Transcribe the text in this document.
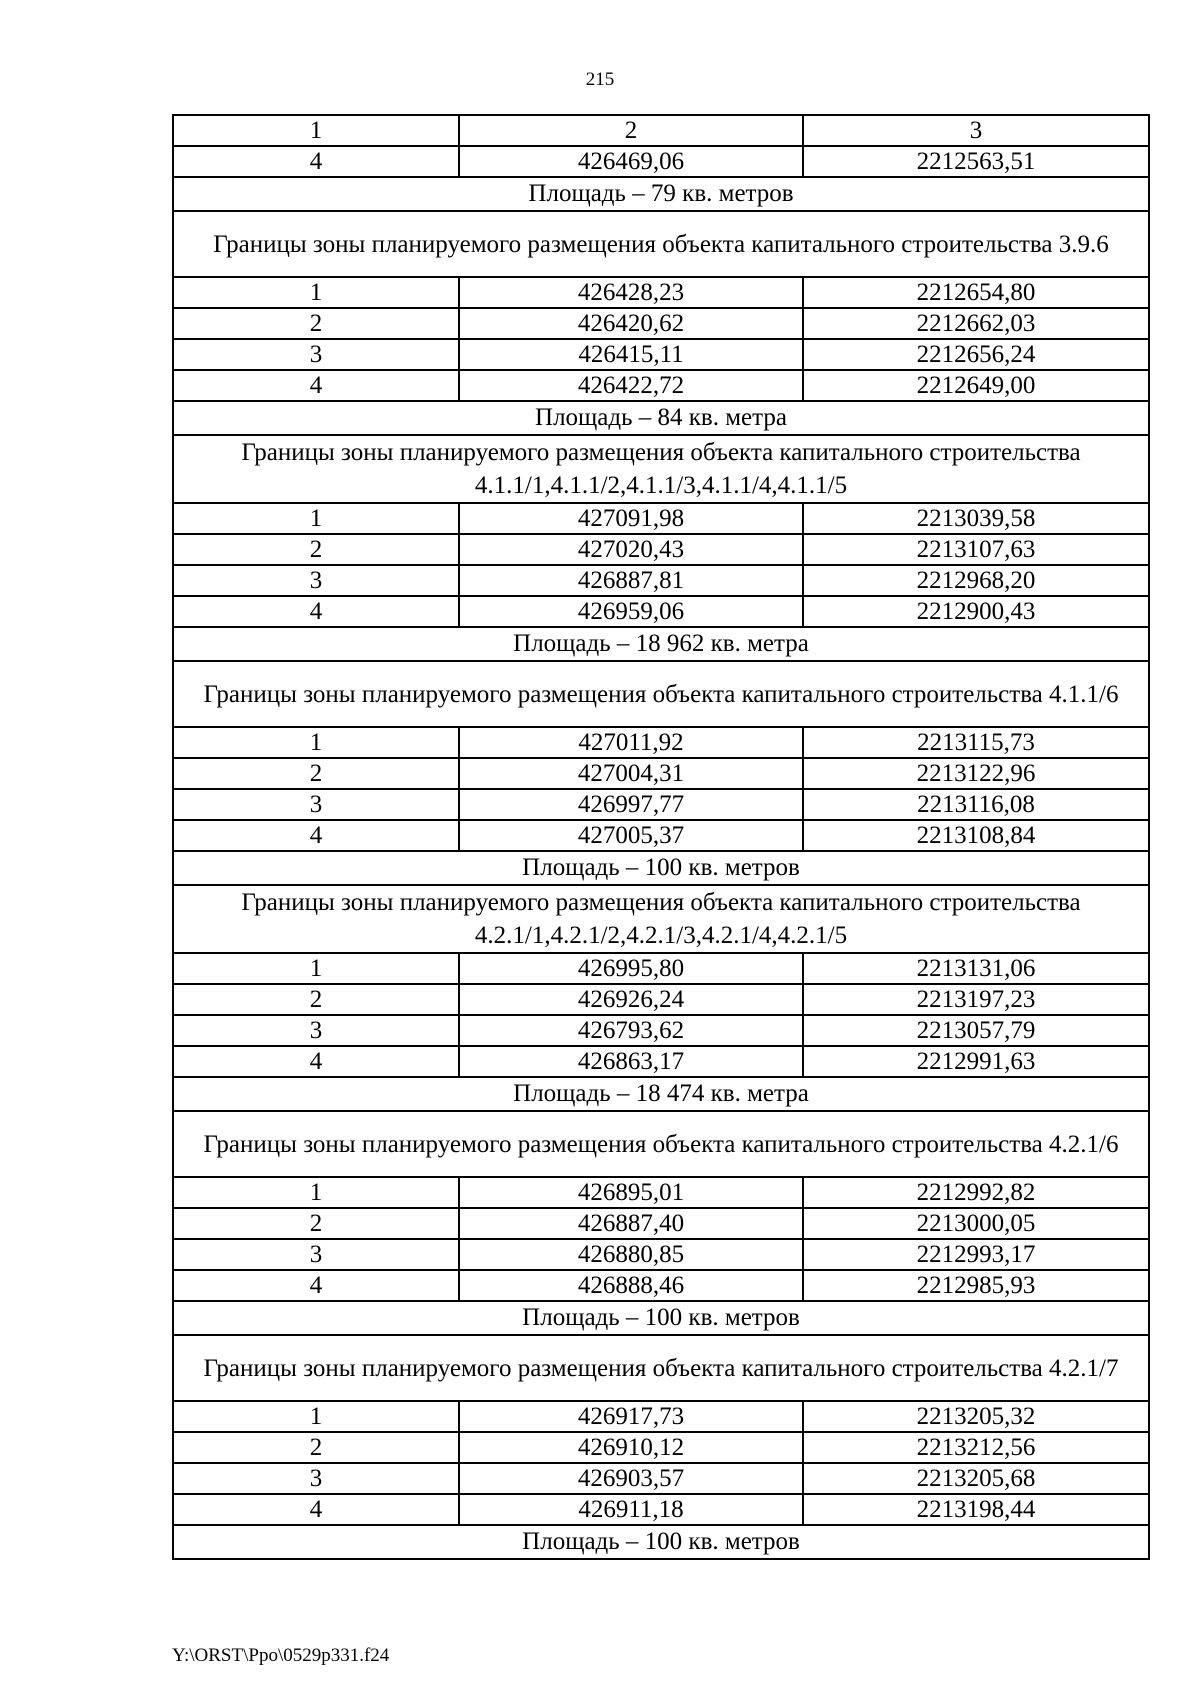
215
1	2	3
4	426469,06	2212563,51
Площадь – 79 кв. метров		
Границы зоны планируемого размещения объекта капитального строительства 3.9.6		
1	426428,23	2212654,80
2	426420,62	2212662,03
3	426415,11	2212656,24
4	426422,72	2212649,00
Площадь – 84 кв. метра		
Границы зоны планируемого размещения объекта капитального строительства 4.1.1/1,4.1.1/2,4.1.1/3,4.1.1/4,4.1.1/5		
1	427091,98	2213039,58
2	427020,43	2213107,63
3	426887,81	2212968,20
4	426959,06	2212900,43
Площадь – 18 962 кв. метра		
Границы зоны планируемого размещения объекта капитального строительства 4.1.1/6		
1	427011,92	2213115,73
2	427004,31	2213122,96
3	426997,77	2213116,08
4	427005,37	2213108,84
Площадь – 100 кв. метров		
Границы зоны планируемого размещения объекта капитального строительства 4.2.1/1,4.2.1/2,4.2.1/3,4.2.1/4,4.2.1/5		
1	426995,80	2213131,06
2	426926,24	2213197,23
3	426793,62	2213057,79
4	426863,17	2212991,63
Площадь – 18 474 кв. метра		
Границы зоны планируемого размещения объекта капитального строительства 4.2.1/6		
1	426895,01	2212992,82
2	426887,40	2213000,05
3	426880,85	2212993,17
4	426888,46	2212985,93
Площадь – 100 кв. метров		
Границы зоны планируемого размещения объекта капитального строительства 4.2.1/7		
1	426917,73	2213205,32
2	426910,12	2213212,56
3	426903,57	2213205,68
4	426911,18	2213198,44
Площадь – 100 кв. метров		
Y:\ORST\Ppo\0529p331.f24
